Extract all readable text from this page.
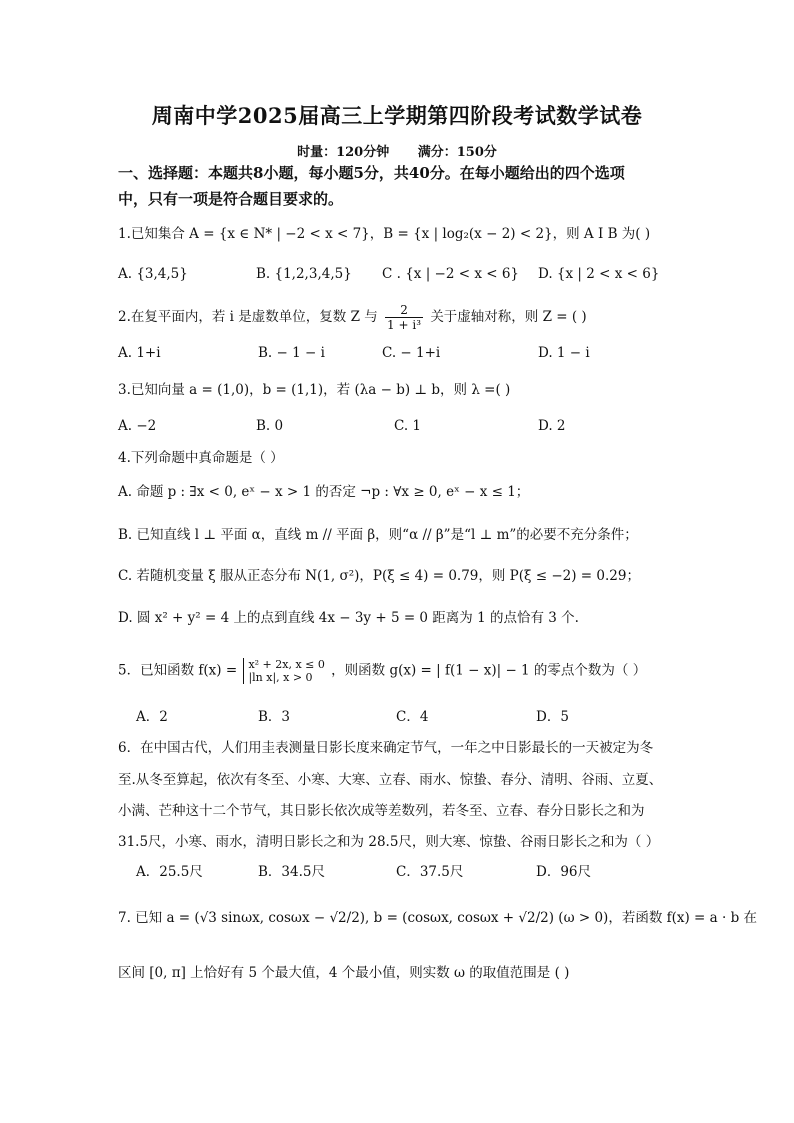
周南中学2025届高三上学期第四阶段考试数学试卷
时量：120分钟 满分：150分
一、选择题：本题共8小题，每小题5分，共40分。在每小题给出的四个选项
中，只有一项是符合题目要求的。
1.已知集合 A = {x ∈ N* | −2 < x < 7}，B = {x | log₂(x − 2) < 2}，则 A I B 为( )
A. {3,4,5}	B. {1,2,3,4,5} C . {x | −2 < x < 6} D. {x | 2 < x < 6}
2.在复平面内，若 i 是虚数单位，复数 Z 与 $\frac{2}{\text{1 + i³}}$ 关于虚轴对称，则 Z = ( )
A. 1+i	B. − 1 − i	C. − 1+i	D. 1 − i
3.已知向量 a = (1,0)，b = (1,1)，若 (λa − b) ⊥ b，则 λ =( )
A. −2	B. 0	C. 1	D. 2
4.下列命题中真命题是（ ）
A. 命题 p : ∃x < 0, eˣ − x > 1 的否定 ¬p : ∀x ≥ 0, eˣ − x ≤ 1；
B. 已知直线 l ⊥ 平面 α，直线 m // 平面 β，则“α // β”是“l ⊥ m”的必要不充分条件；
C. 若随机变量 ξ 服从正态分布 N(1, σ²)，P(ξ ≤ 4) = 0.79，则 P(ξ ≤ −2) = 0.29；
D. 圆 x² + y² = 4 上的点到直线 4x − 3y + 5 = 0 距离为 1 的点恰有 3 个.
5．已知函数 f(x) = x² + 2x, x ≤ 0
|ln x|, x > 0	，则函数 g(x) = | f(1 − x)| − 1 的零点个数为（ ）
A．2	B．3	C．4	D．5
6．在中国古代，人们用圭表测量日影长度来确定节气，一年之中日影最长的一天被定为冬
至.从冬至算起，依次有冬至、小寒、大寒、立春、雨水、惊蛰、春分、清明、谷雨、立夏、
小满、芒种这十二个节气，其日影长依次成等差数列，若冬至、立春、春分日影长之和为
31.5尺，小寒、雨水，清明日影长之和为 28.5尺，则大寒、惊蛰、谷雨日影长之和为（ ）
A．25.5尺	B．34.5尺	C．37.5尺	D．96尺
7. 已知 a = (√3 sinωx, cosωx − √2/2), b = (cosωx, cosωx + √2/2) (ω > 0)，若函数 f(x) = a · b 在
区间 [0, π] 上恰好有 5 个最大值，4 个最小值，则实数 ω 的取值范围是 ( )
